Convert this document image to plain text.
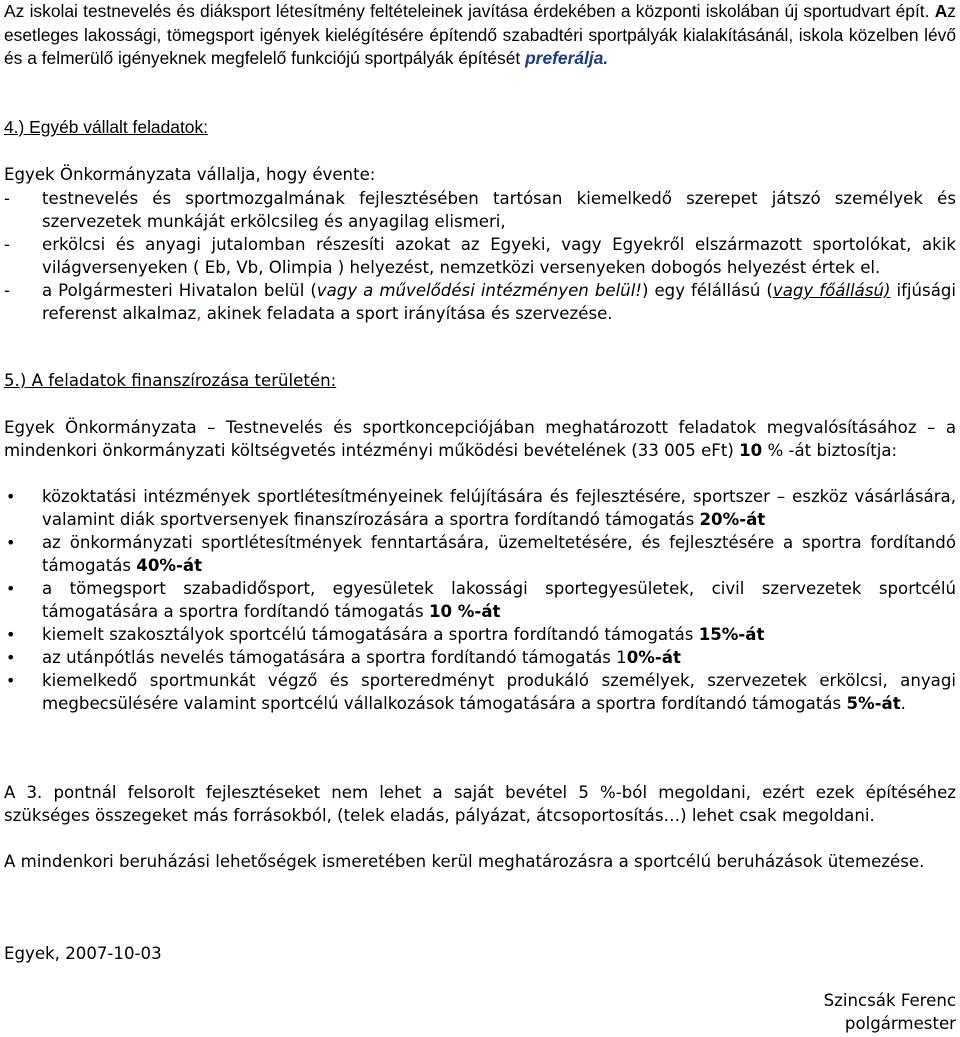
Az iskolai testnevelés és diáksport létesítmény feltételeinek javítása érdekében a központi iskolában új sportudvart épít. Az esetleges lakossági, tömegsport igények kielégítésére építendő szabadtéri sportpályák kialakításánál, iskola közelben lévő és a felmerülő igényeknek megfelelő funkciójú sportpályák építését preferálja.
4.) Egyéb vállalt feladatok:
Egyek Önkormányzata vállalja, hogy évente:
- testnevelés és sportmozgalmának fejlesztésében tartósan kiemelkedő szerepet játszó személyek és szervezetek munkáját erkölcsileg és anyagilag elismeri,
- erkölcsi és anyagi jutalomban részesíti azokat az Egyeki, vagy Egyekről elszármazott sportolókat, akik világversenyeken ( Eb, Vb, Olimpia ) helyezést, nemzetközi versenyeken dobogós helyezést értek el.
- a Polgármesteri Hivatalon belül (vagy a művelődési intézményen belül!) egy félállású (vagy főállású) ifjúsági referenst alkalmaz, akinek feladata a sport irányítása és szervezése.
5.) A feladatok finanszírozása területén:
Egyek Önkormányzata – Testnevelés és sportkoncepciójában meghatározott feladatok megvalósításához – a mindenkori önkormányzati költségvetés intézményi működési bevételének (33 005 eFt) 10 % -át biztosítja:
• közoktatási intézmények sportlétesítményeinek felújítására és fejlesztésére, sportszer – eszköz vásárlására, valamint diák sportversenyek finanszírozására a sportra fordítandó támogatás 20%-át
• az önkormányzati sportlétesítmények fenntartására, üzemeltetésére, és fejlesztésére a sportra fordítandó támogatás 40%-át
• a tömegsport szabadidősport, egyesületek lakossági sportegyesületek, civil szervezetek sportcélú támogatására a sportra fordítandó támogatás 10 %-át
• kiemelt szakosztályok sportcélú támogatására a sportra fordítandó támogatás 15%-át
• az utánpótlás nevelés támogatására a sportra fordítandó támogatás 10%-át
• kiemelkedő sportmunkát végző és sporteredményt produkáló személyek, szervezetek erkölcsi, anyagi megbecsülésére valamint sportcélú vállalkozások támogatására a sportra fordítandó támogatás 5%-át.
A 3. pontnál felsorolt fejlesztéseket nem lehet a saját bevétel 5 %-ból megoldani, ezért ezek építéséhez szükséges összegeket más forrásokból, (telek eladás, pályázat, átcsoportosítás…) lehet csak megoldani.
A mindenkori beruházási lehetőségek ismeretében kerül meghatározásra a sportcélú beruházások ütemezése.
Egyek, 2007-10-03
Szincsák Ferenc
polgármester
